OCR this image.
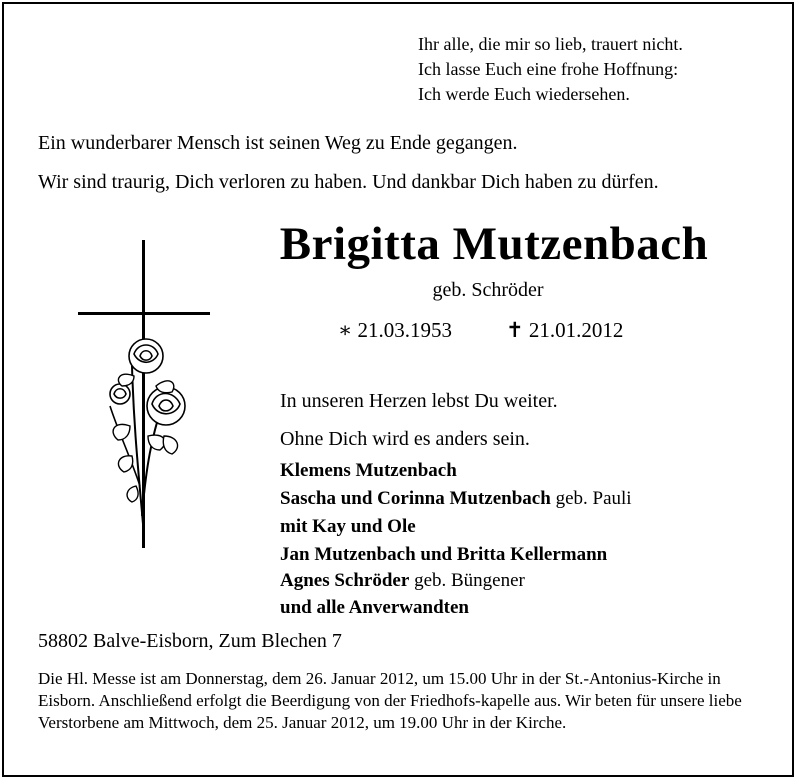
Ihr alle, die mir so lieb, trauert nicht.
Ich lasse Euch eine frohe Hoffnung:
Ich werde Euch wiedersehen.
Ein wunderbarer Mensch ist seinen Weg zu Ende gegangen.
Wir sind traurig, Dich verloren zu haben. Und dankbar Dich haben zu dürfen.
Brigitta Mutzenbach
geb. Schröder
∗ 21.03.1953	✝ 21.01.2012
In unseren Herzen lebst Du weiter.
Ohne Dich wird es anders sein.
Klemens Mutzenbach
Sascha und Corinna Mutzenbach geb. Pauli
mit Kay und Ole
Jan Mutzenbach und Britta Kellermann
Agnes Schröder geb. Büngener
und alle Anverwandten
58802 Balve-Eisborn, Zum Blechen 7
Die Hl. Messe ist am Donnerstag, dem 26. Januar 2012, um 15.00 Uhr in der St.-Antonius-Kirche in Eisborn. Anschließend erfolgt die Beerdigung von der Friedhofs-kapelle aus. Wir beten für unsere liebe Verstorbene am Mittwoch, dem 25. Januar 2012, um 19.00 Uhr in der Kirche.
